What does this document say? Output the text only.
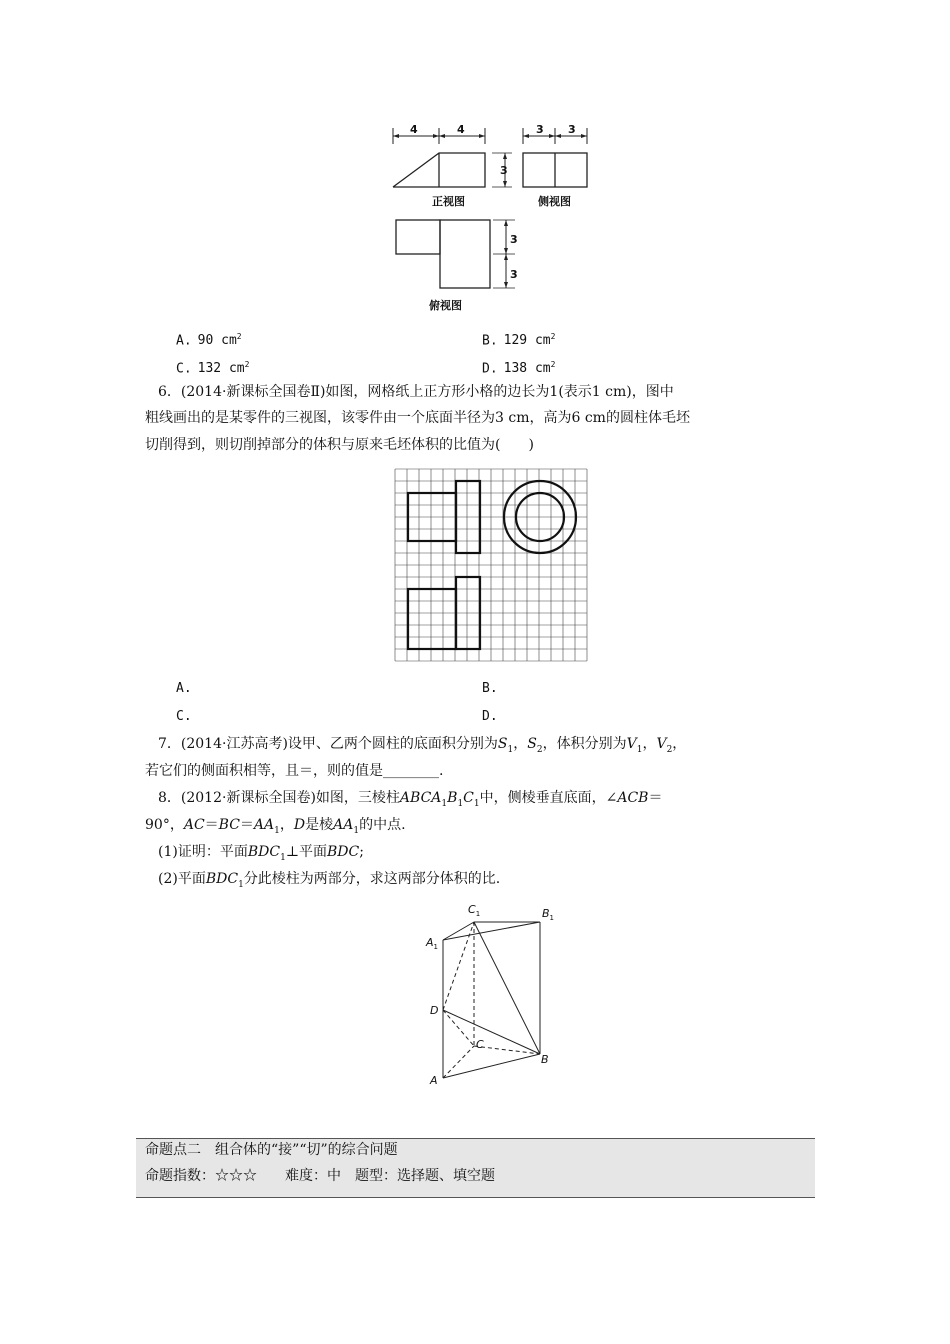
4	4	3 3
3
3
3
正视图	侧视图
俯视图
A. 90 $cm^2$	B. 129 $cm^2$
C. 132 $cm^2$	D. 138 $cm^2$
6．(2014·新课标全国卷Ⅱ)如图，网格纸上正方形小格的边长为1(表示1 cm)，图中
粗线画出的是某零件的三视图，该零件由一个底面半径为3 cm，高为6 cm的圆柱体毛坯
切削得到，则切削掉部分的体积与原来毛坯体积的比值为(　　)
A.	B.
C.	D.
7．(2014·江苏高考)设甲、乙两个圆柱的底面积分别为$S_1$，$S_2$，体积分别为$V_1$，$V_2$，
若它们的侧面积相等，且＝，则的值是________.
8．(2012·新课标全国卷)如图，三棱柱$ABCA_1B_1C_1$中，侧棱垂直底面，∠ACB＝
90°，$AC=BC=AA_1$，D是棱$AA_1$的中点.
(1)证明：平面$BDC_1\perp$平面BDC;
(2)平面$BDC_1$分此棱柱为两部分，求这两部分体积的比.
$C_1$	$B_1$
$A_1$
D
C
B
A
命题点二　组合体的“接”“切”的综合问题
命题指数：☆☆☆　　难度：中　题型：选择题、填空题
